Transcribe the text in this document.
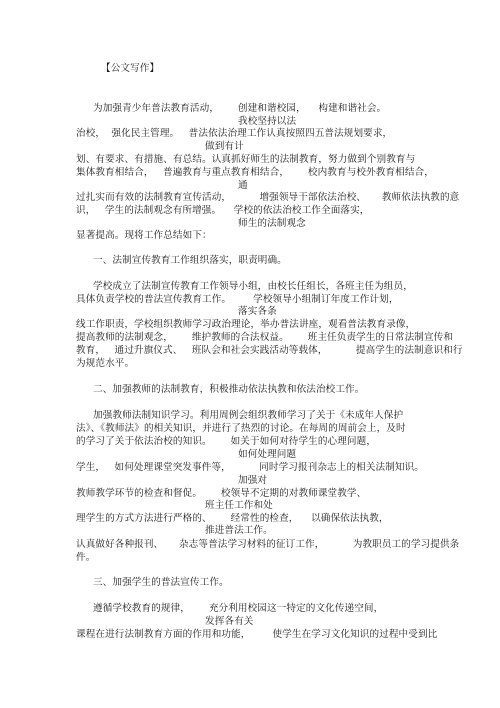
【公文写作】
为加强青少年普法教育活动，      创建和谐校园，    构建和谐社会。
我校坚持以法
治校，  强化民主管理。   普法依法治理工作认真按照四五普法规划要求，
做到有计
划、有要求、有措施、有总结。认真抓好师生的法制教育，努力做到个别教育与
集体教育相结合，   普遍教育与重点教育相结合，      校内教育与校外教育相结合，
通
过扎实而有效的法制教育宣传活动，         增强领导干部依法治校、     教师依法执教的意
识，   学生的法制观念有所增强。    学校的依法治校工作全面落实，
师生的法制观念
显著提高。现将工作总结如下：
一、法制宣传教育工作组织落实，职责明确。
学校成立了法制宣传教育工作领导小组，由校长任组长，各班主任为组员，
具体负责学校的普法宣传教育工作。       学校领导小组制订年度工作计划，
落实各条
线工作职责，学校组织教师学习政治理论，举办普法讲座，观看普法教育录像，
提高教师的法制观念，      维护教师的合法权益。      班主任负责学生的日常法制宣传和
教育，   通过升旗仪式、   班队会和社会实践活动等载体，         提高学生的法制意识和行
为规范水平。
二、加强教师的法制教育，积极推动依法执教和依法治校工作。
加强教师法制知识学习。利用周例会组织教师学习了关于《未成年人保护
法》、《教师法》的相关知识，并进行了热烈的讨论。在每周的周前会上，及时
的学习了关于依法治校的知识。      如关于如何对待学生的心理问题，
如何处理问题
学生，   如何处理课堂突发事件等，         同时学习报刊杂志上的相关法制知识。
加强对
教师教学环节的检查和督促。      校领导不定期的对教师课堂教学、
班主任工作和处
理学生的方式方法进行严格的、      经常性的检查，    以确保依法执教，
推进普法工作。
认真做好各种报刊、     杂志等普法学习材料的征订工作，         为教职员工的学习提供条
件。
三、加强学生的普法宣传工作。
遵循学校教育的规律，      充分利用校园这一特定的文化传递空间，
发挥各有关
课程在进行法制教育方面的作用和功能，       使学生在学习文化知识的过程中受到比
